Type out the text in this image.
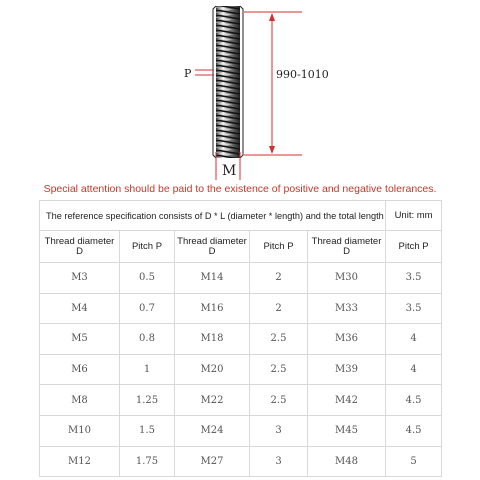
990-1010
P
M
Special attention should be paid to the existence of positive and negative tolerances.
The reference specification consists of D * L (diameter * length) and the total length					Unit: mm
Thread diameter D	Pitch P	Thread diameter D	Pitch P	Thread diameter D	Pitch P
M3	0.5	M14	2	M30	3.5
M4	0.7	M16	2	M33	3.5
M5	0.8	M18	2.5	M36	4
M6	1	M20	2.5	M39	4
M8	1.25	M22	2.5	M42	4.5
M10	1.5	M24	3	M45	4.5
M12	1.75	M27	3	M48	5
